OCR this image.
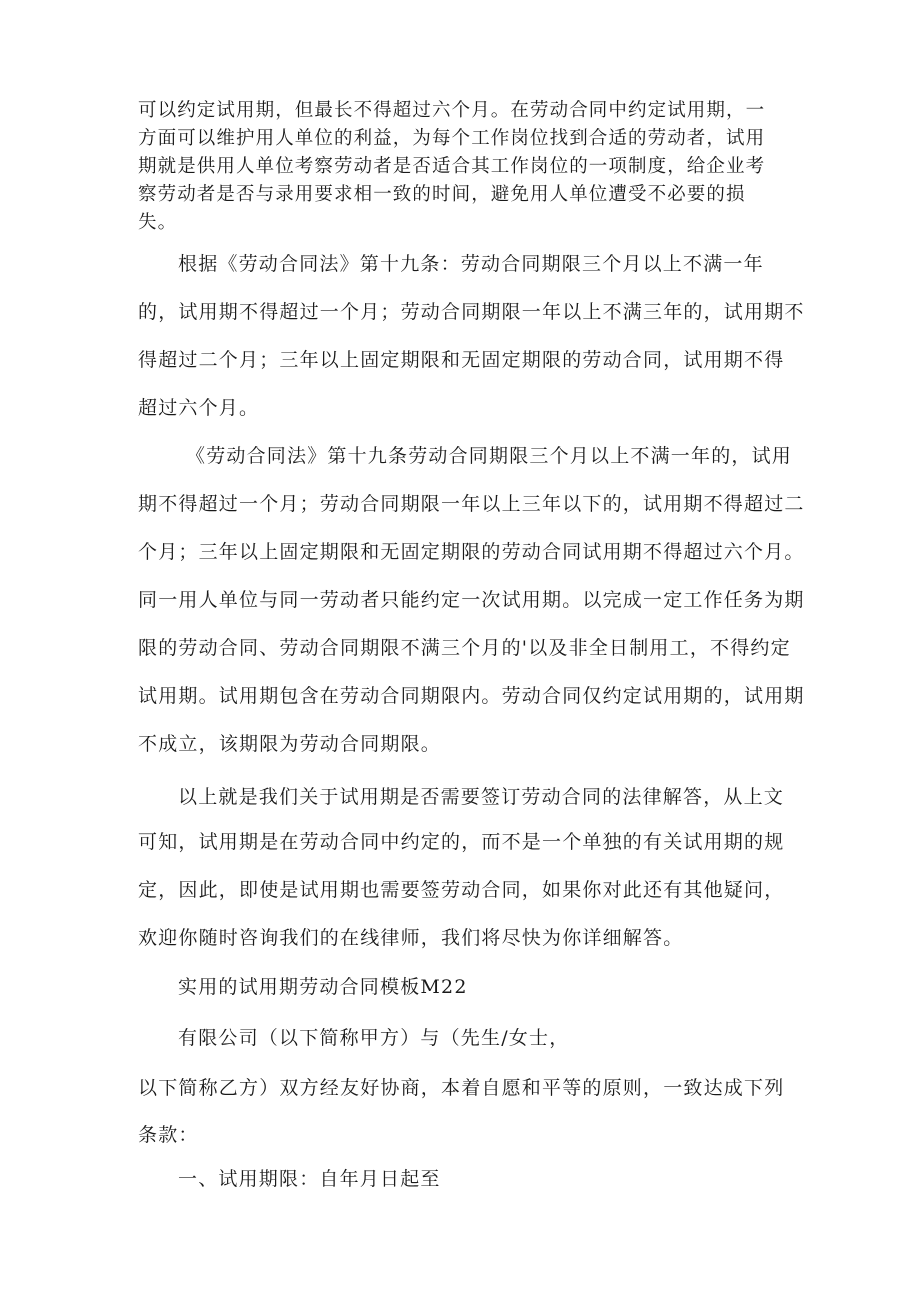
可以约定试用期，但最长不得超过六个月。在劳动合同中约定试用期，一
方面可以维护用人单位的利益，为每个工作岗位找到合适的劳动者，试用
期就是供用人单位考察劳动者是否适合其工作岗位的一项制度，给企业考
察劳动者是否与录用要求相一致的时间，避免用人单位遭受不必要的损
失。
根据《劳动合同法》第十九条：劳动合同期限三个月以上不满一年
的，试用期不得超过一个月；劳动合同期限一年以上不满三年的，试用期不
得超过二个月；三年以上固定期限和无固定期限的劳动合同，试用期不得
超过六个月。
《劳动合同法》第十九条劳动合同期限三个月以上不满一年的，试用
期不得超过一个月；劳动合同期限一年以上三年以下的，试用期不得超过二
个月；三年以上固定期限和无固定期限的劳动合同试用期不得超过六个月。
同一用人单位与同一劳动者只能约定一次试用期。以完成一定工作任务为期
限的劳动合同、劳动合同期限不满三个月的'以及非全日制用工，不得约定
试用期。试用期包含在劳动合同期限内。劳动合同仅约定试用期的，试用期
不成立，该期限为劳动合同期限。
以上就是我们关于试用期是否需要签订劳动合同的法律解答，从上文
可知，试用期是在劳动合同中约定的，而不是一个单独的有关试用期的规
定，因此，即使是试用期也需要签劳动合同，如果你对此还有其他疑问，
欢迎你随时咨询我们的在线律师，我们将尽快为你详细解答。
实用的试用期劳动合同模板M22
有限公司（以下简称甲方）与（先生/女士，
以下简称乙方）双方经友好协商，本着自愿和平等的原则，一致达成下列
条款：
一、试用期限：自年月日起至
